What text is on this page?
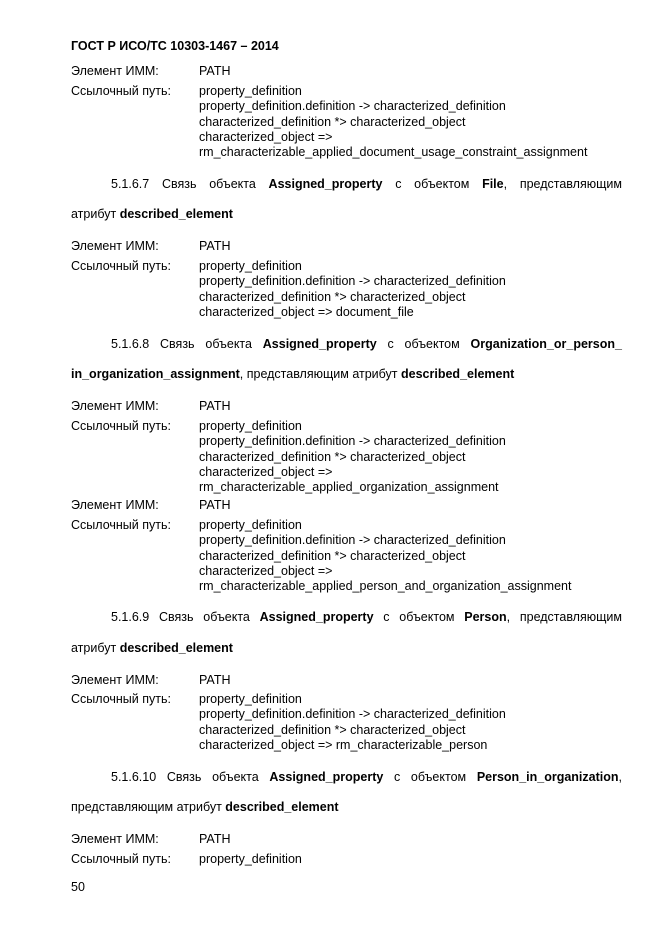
ГОСТ Р ИСО/ТС 10303-1467 – 2014
Элемент ИММ:	PATH
Ссылочный путь: property_definition
property_definition.definition -> characterized_definition
characterized_definition *> characterized_object
characterized_object =>
rm_characterizable_applied_document_usage_constraint_assignment
5.1.6.7 Связь объекта Assigned_property с объектом File, представляющим
атрибут described_element
Элемент ИММ:	PATH
Ссылочный путь: property_definition
property_definition.definition -> characterized_definition
characterized_definition *> characterized_object
characterized_object => document_file
5.1.6.8 Связь объекта Assigned_property с объектом Organization_or_person_
in_organization_assignment, представляющим атрибут described_element
Элемент ИММ:	PATH
Ссылочный путь: property_definition
property_definition.definition -> characterized_definition
characterized_definition *> characterized_object
characterized_object =>
rm_characterizable_applied_organization_assignment
Элемент ИММ:	PATH
Ссылочный путь: property_definition
property_definition.definition -> characterized_definition
characterized_definition *> characterized_object
characterized_object =>
rm_characterizable_applied_person_and_organization_assignment
5.1.6.9 Связь объекта Assigned_property с объектом Person, представляющим
атрибут described_element
Элемент ИММ:	PATH
Ссылочный путь: property_definition
property_definition.definition -> characterized_definition
characterized_definition *> characterized_object
characterized_object => rm_characterizable_person
5.1.6.10 Связь объекта Assigned_property с объектом Person_in_organization,
представляющим атрибут described_element
Элемент ИММ:	PATH
Ссылочный путь: property_definition
50
